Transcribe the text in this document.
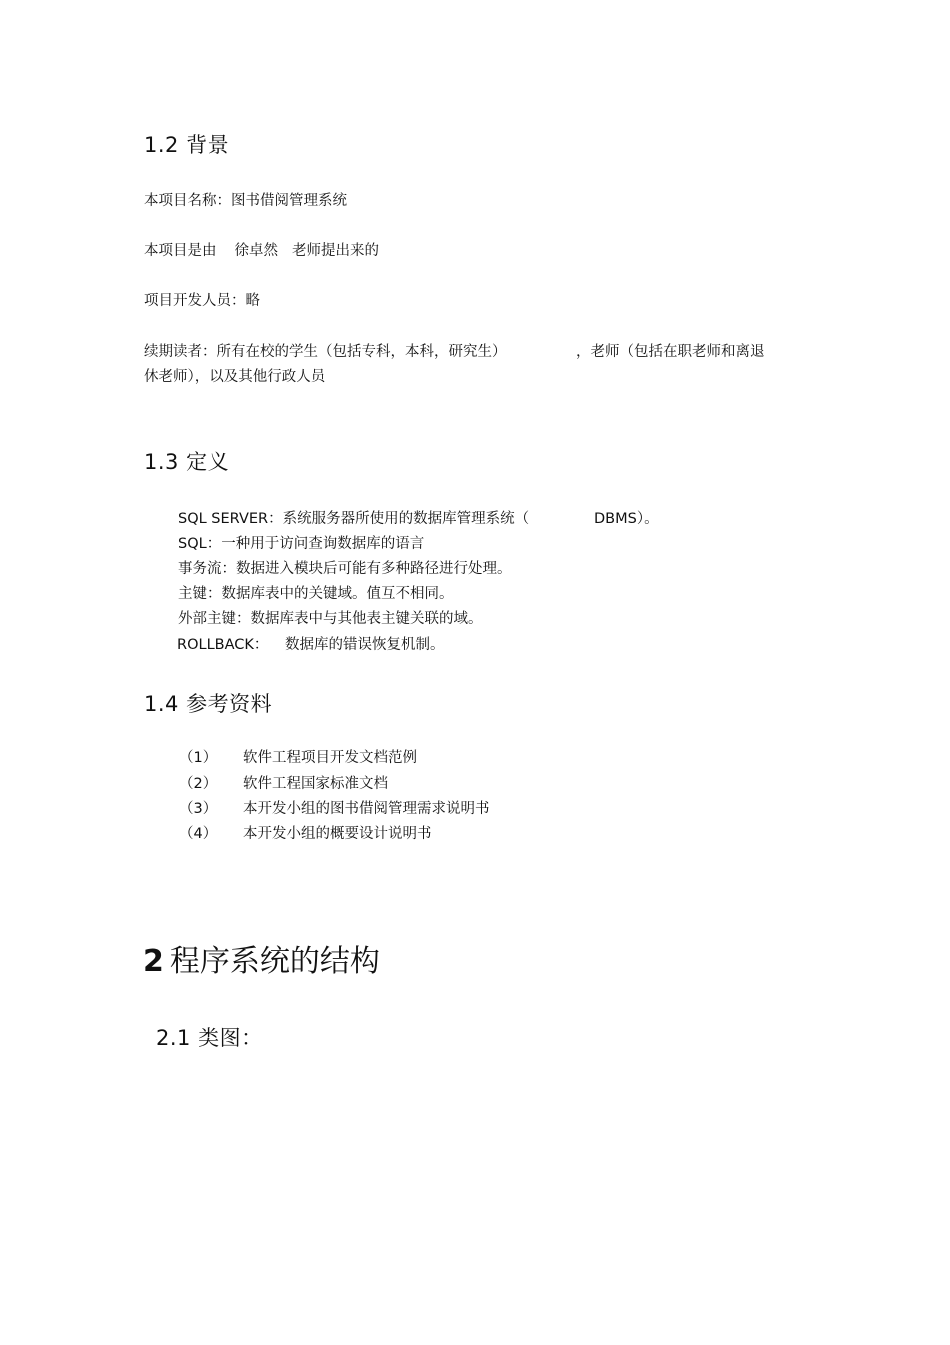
1.2 背景
本项目名称：图书借阅管理系统
本项目是由 徐卓然 老师提出来的
项目开发人员：略
续期读者：所有在校的学生（包括专科，本科，研究生）	，老师（包括在职老师和离退
休老师），以及其他行政人员
1.3 定义
SQL SERVER：系统服务器所使用的数据库管理系统（	DBMS）。
SQL：一种用于访问查询数据库的语言
事务流：数据进入模块后可能有多种路径进行处理。
主键：数据库表中的关键域。值互不相同。
外部主键：数据库表中与其他表主键关联的域。
ROLLBACK： 数据库的错误恢复机制。
1.4 参考资料
（1） 软件工程项目开发文档范例
（2） 软件工程国家标准文档
（3） 本开发小组的图书借阅管理需求说明书
（4） 本开发小组的概要设计说明书
2 程序系统的结构
2.1 类图：
